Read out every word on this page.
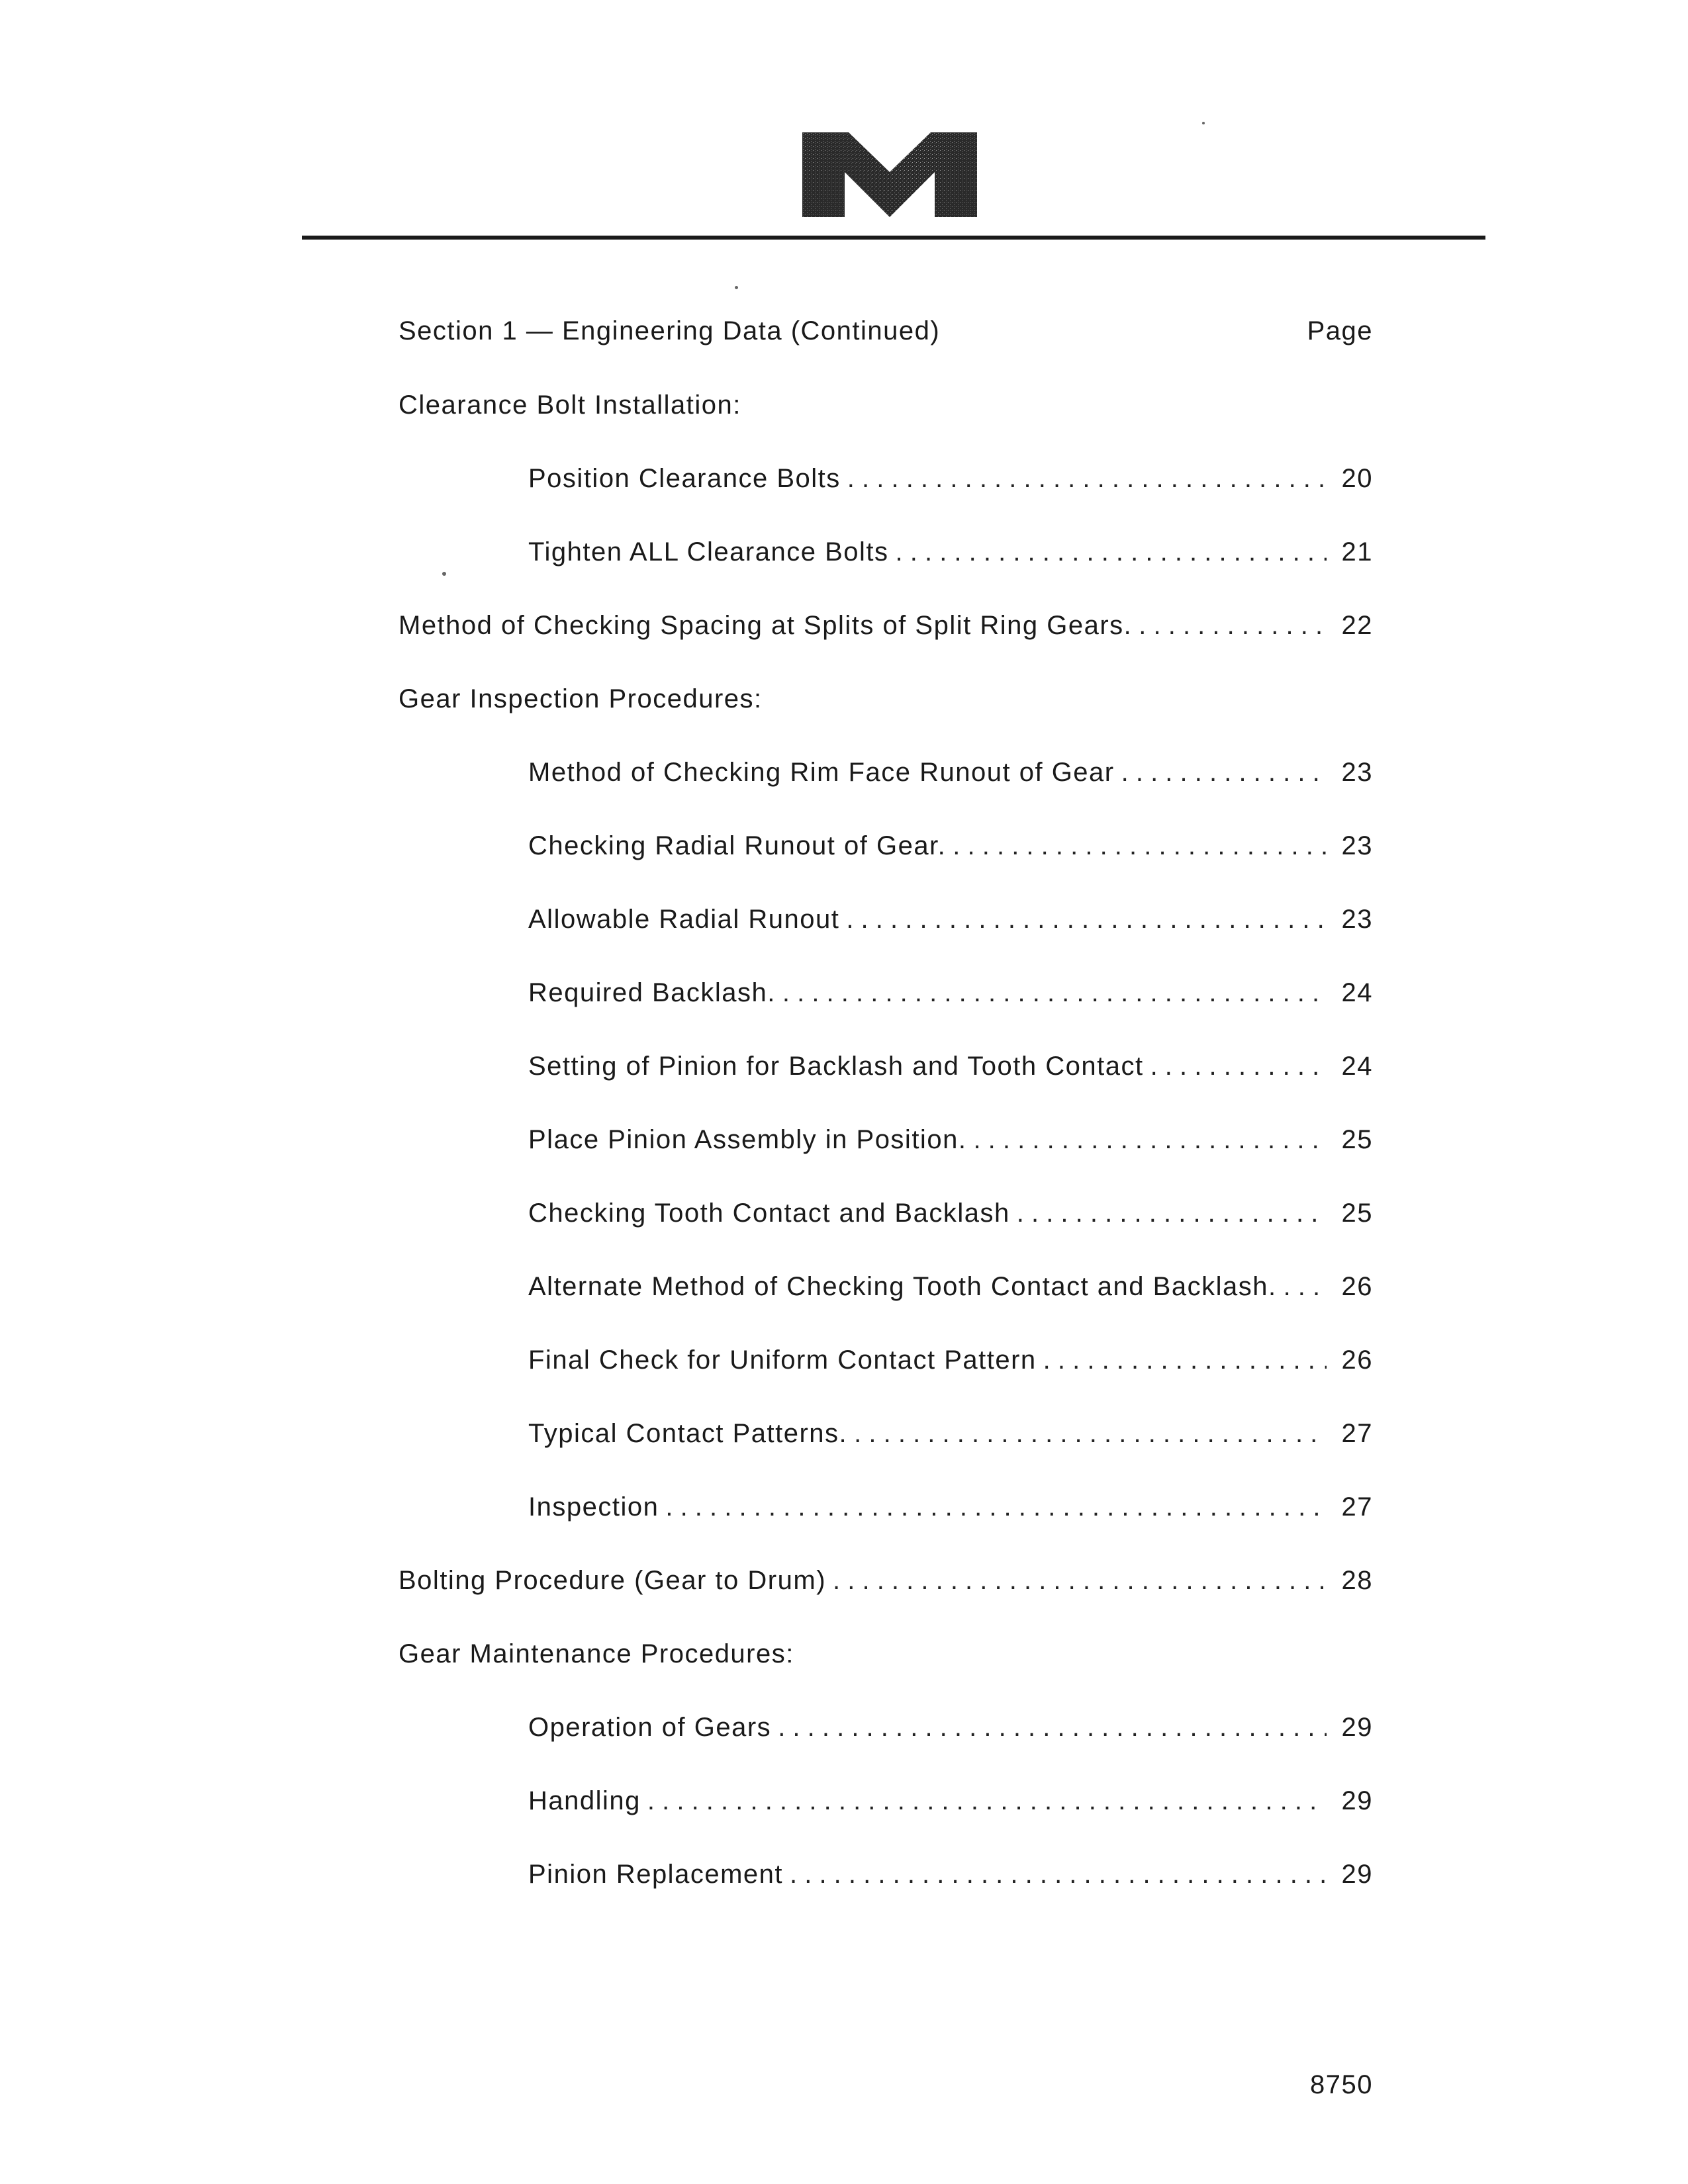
Section 1 — Engineering Data (Continued)	Page
Clearance Bolt Installation:
Position Clearance Bolts . . .	20
Tighten ALL Clearance Bolts . . .	21
Method of Checking Spacing at Splits of Split Ring Gears. . . .	22
Gear Inspection Procedures:
Method of Checking Rim Face Runout of Gear . . .	23
Checking Radial Runout of Gear. . . .	23
Allowable Radial Runout . . .	23
Required Backlash. . . .	24
Setting of Pinion for Backlash and Tooth Contact . . .	24
Place Pinion Assembly in Position. . . .	25
Checking Tooth Contact and Backlash . . .	25
Alternate Method of Checking Tooth Contact and Backlash. . . .	26
Final Check for Uniform Contact Pattern . . .	26
Typical Contact Patterns. . . .	27
Inspection . . .	27
Bolting Procedure (Gear to Drum) . . .	28
Gear Maintenance Procedures:
Operation of Gears . . .	29
Handling . . .	29
Pinion Replacement . . .	29
8750
